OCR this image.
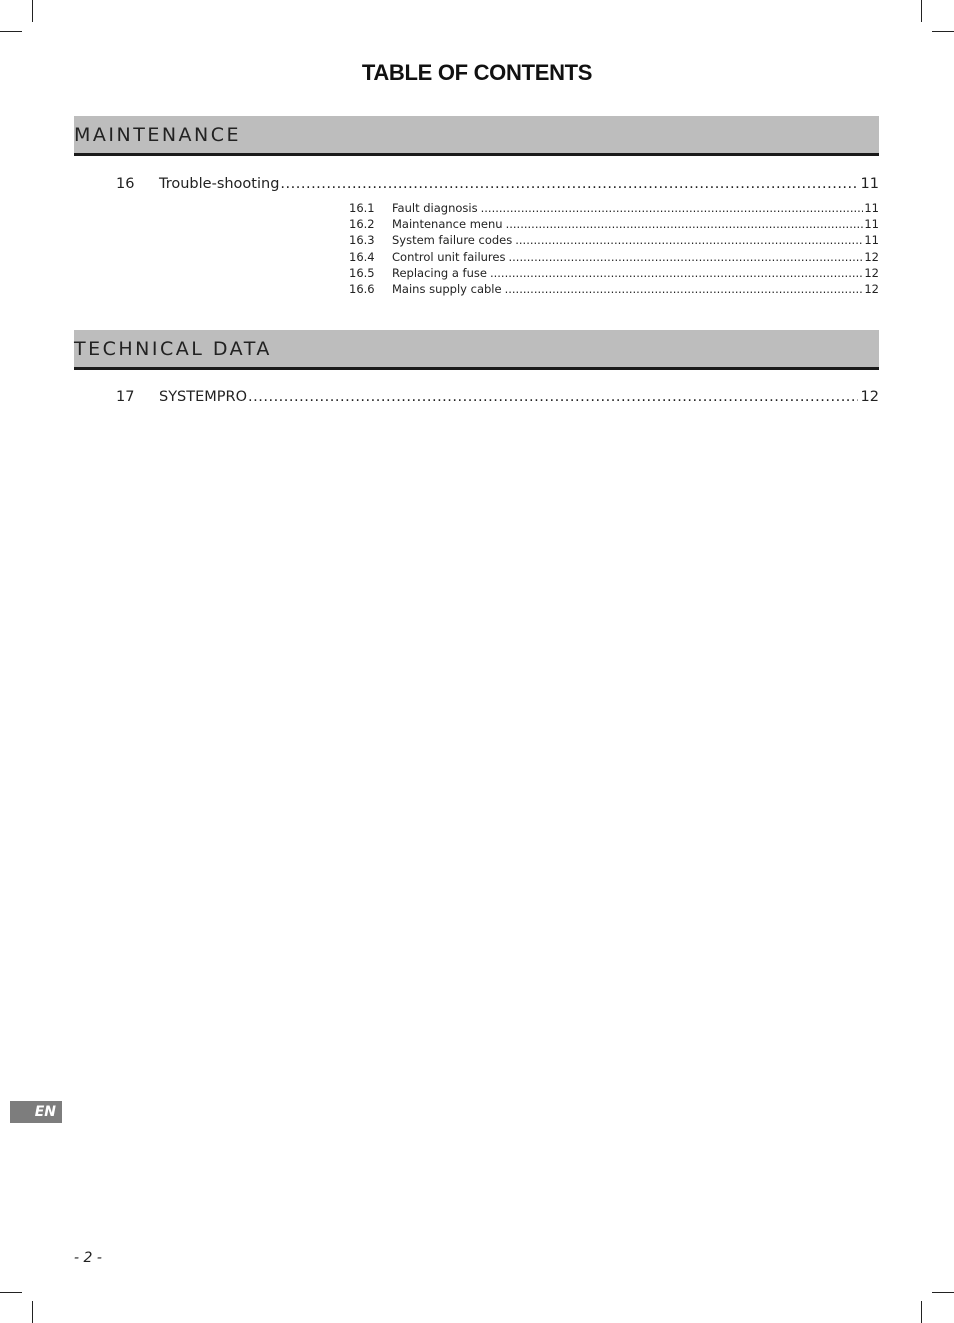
TABLE OF CONTENTS
MAINTENANCE
16	Trouble-shooting .....	11
16.1	Fault diagnosis .....	11
16.2	Maintenance menu .....	11
16.3	System failure codes .....	11
16.4	Control unit failures .....	12
16.5	Replacing a fuse .....	12
16.6	Mains supply cable .....	12
TECHNICAL DATA
17	SYSTEMPRO .....	12
EN
- 2 -
